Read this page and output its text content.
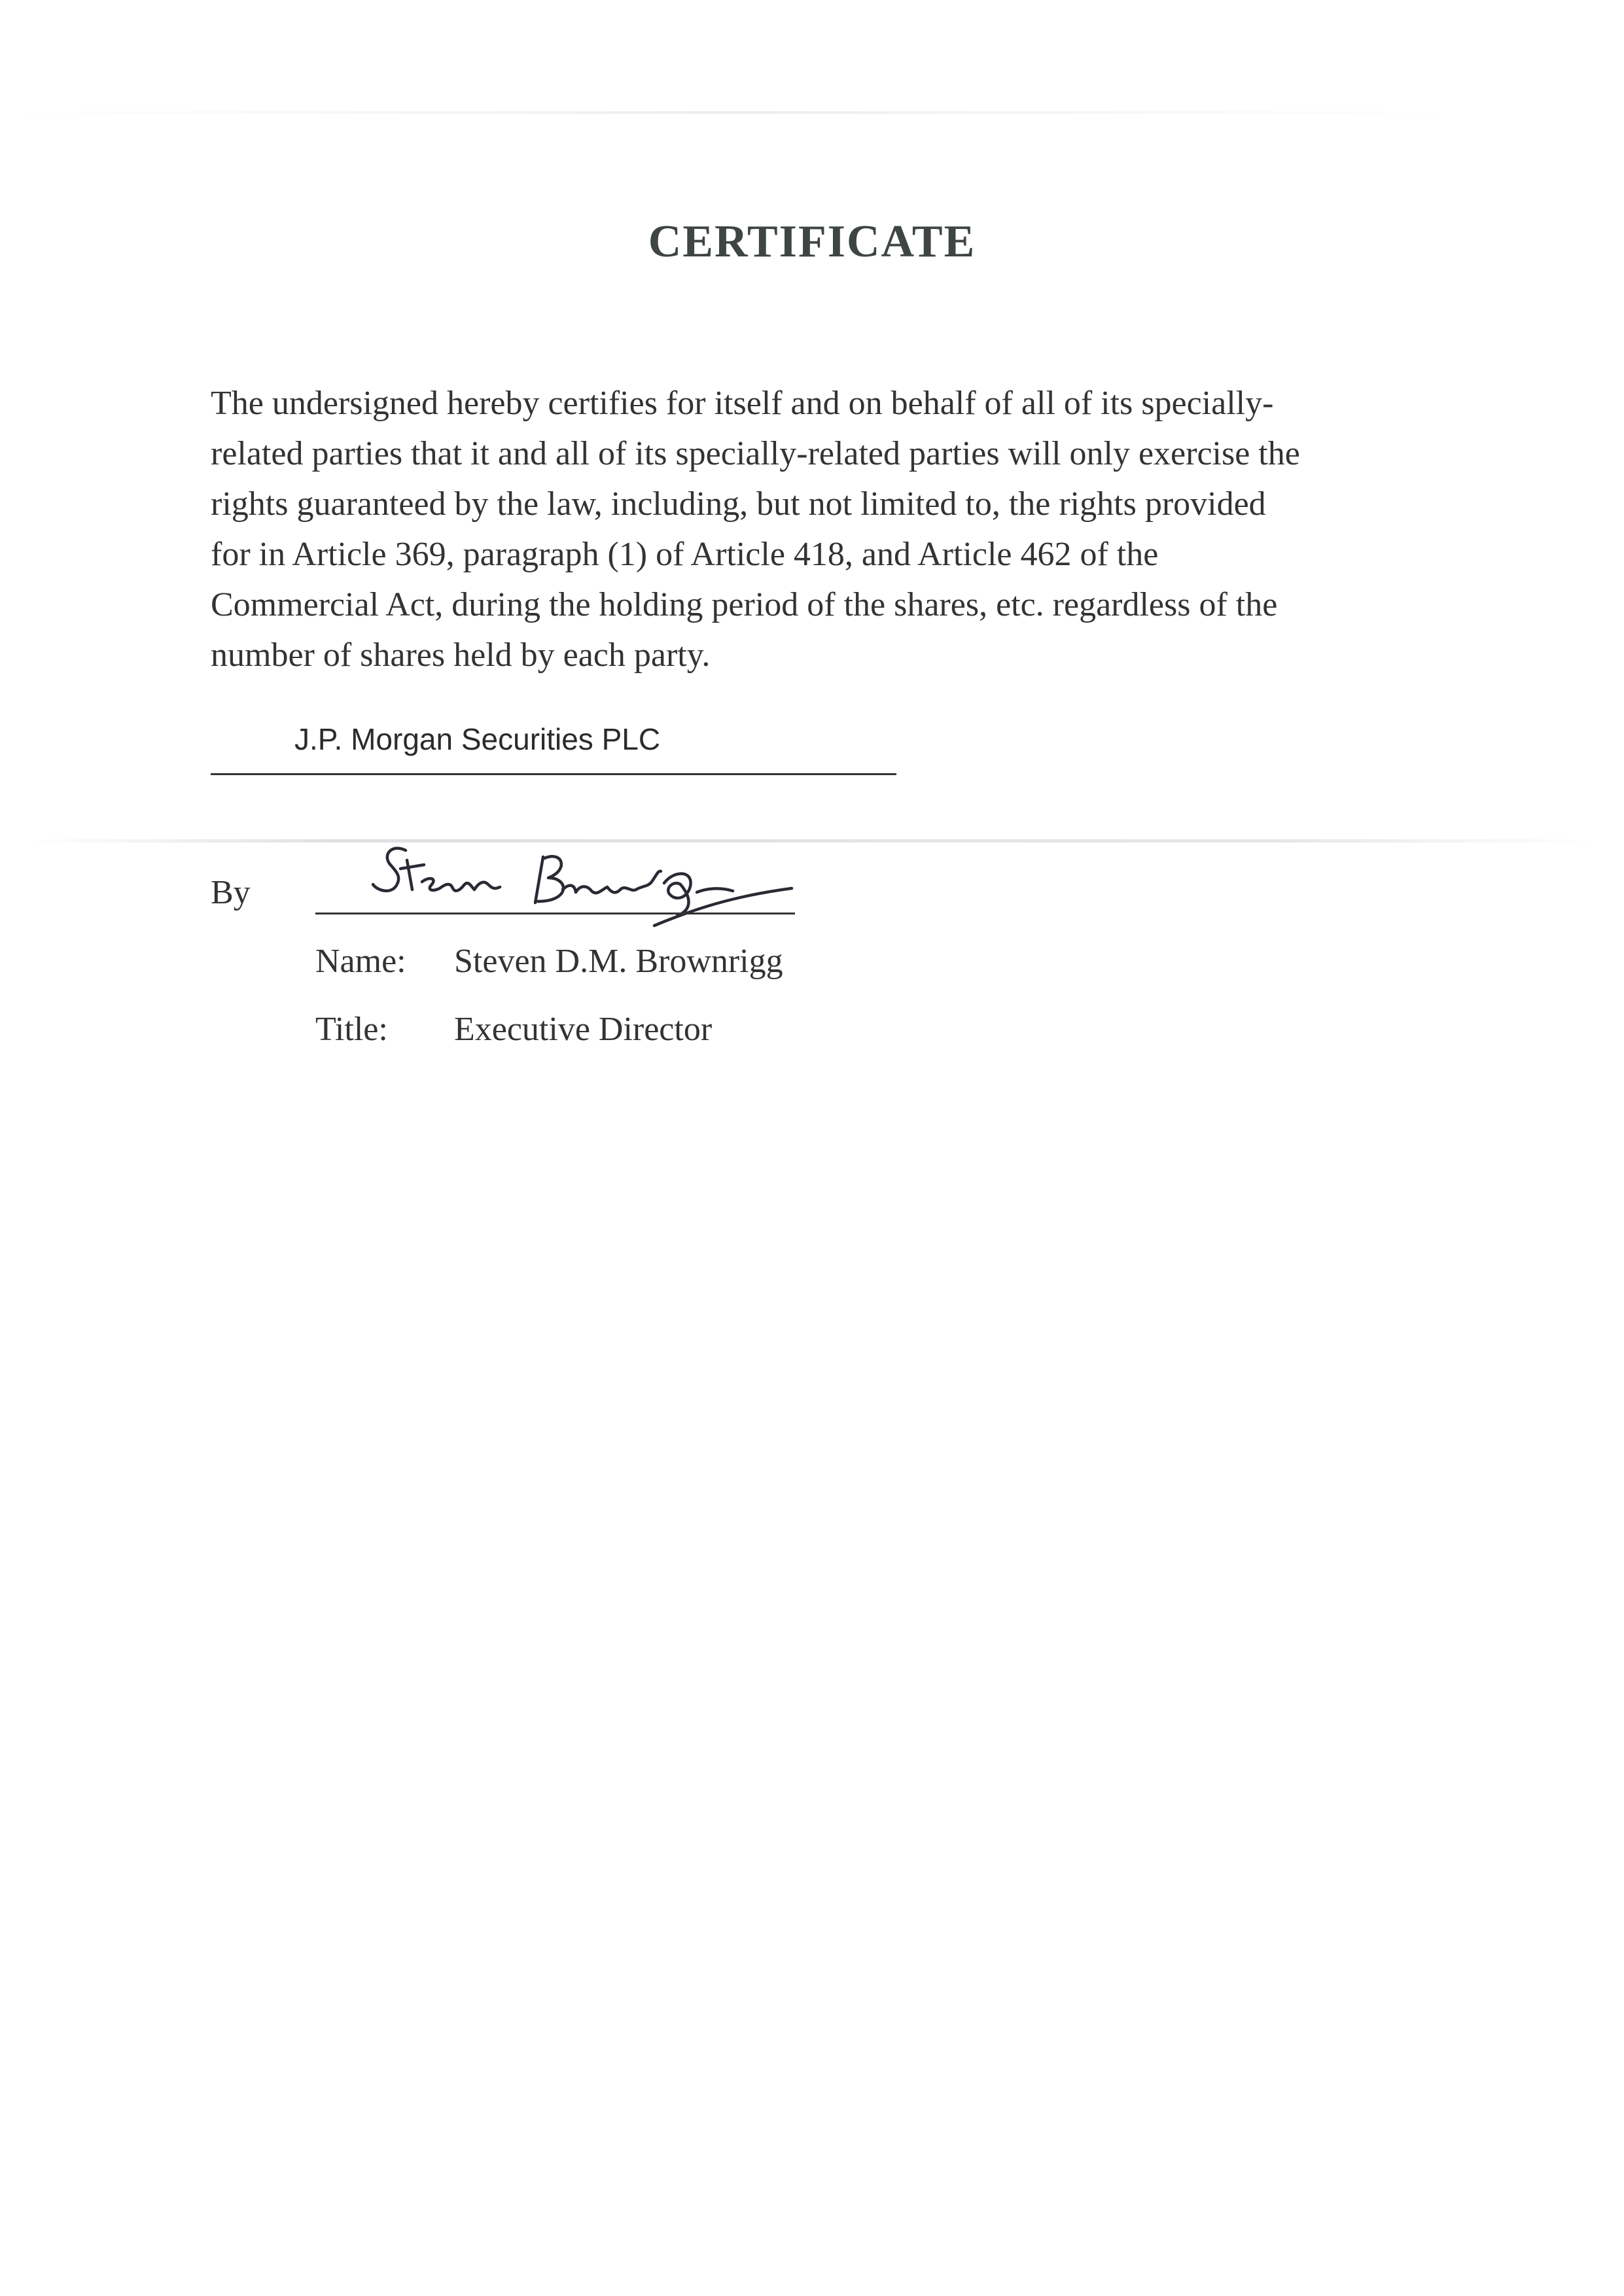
CERTIFICATE

The undersigned hereby certifies for itself and on behalf of all of its specially-
related parties that it and all of its specially-related parties will only exercise the
rights guaranteed by the law, including, but not limited to, the rights provided
for in Article 369, paragraph (1) of Article 418, and Article 462 of the
Commercial Act, during the holding period of the shares, etc. regardless of the
number of shares held by each party.

J.P. Morgan Securities PLC
By
Name: Steven D.M. Brownrigg
Title: Executive Director
